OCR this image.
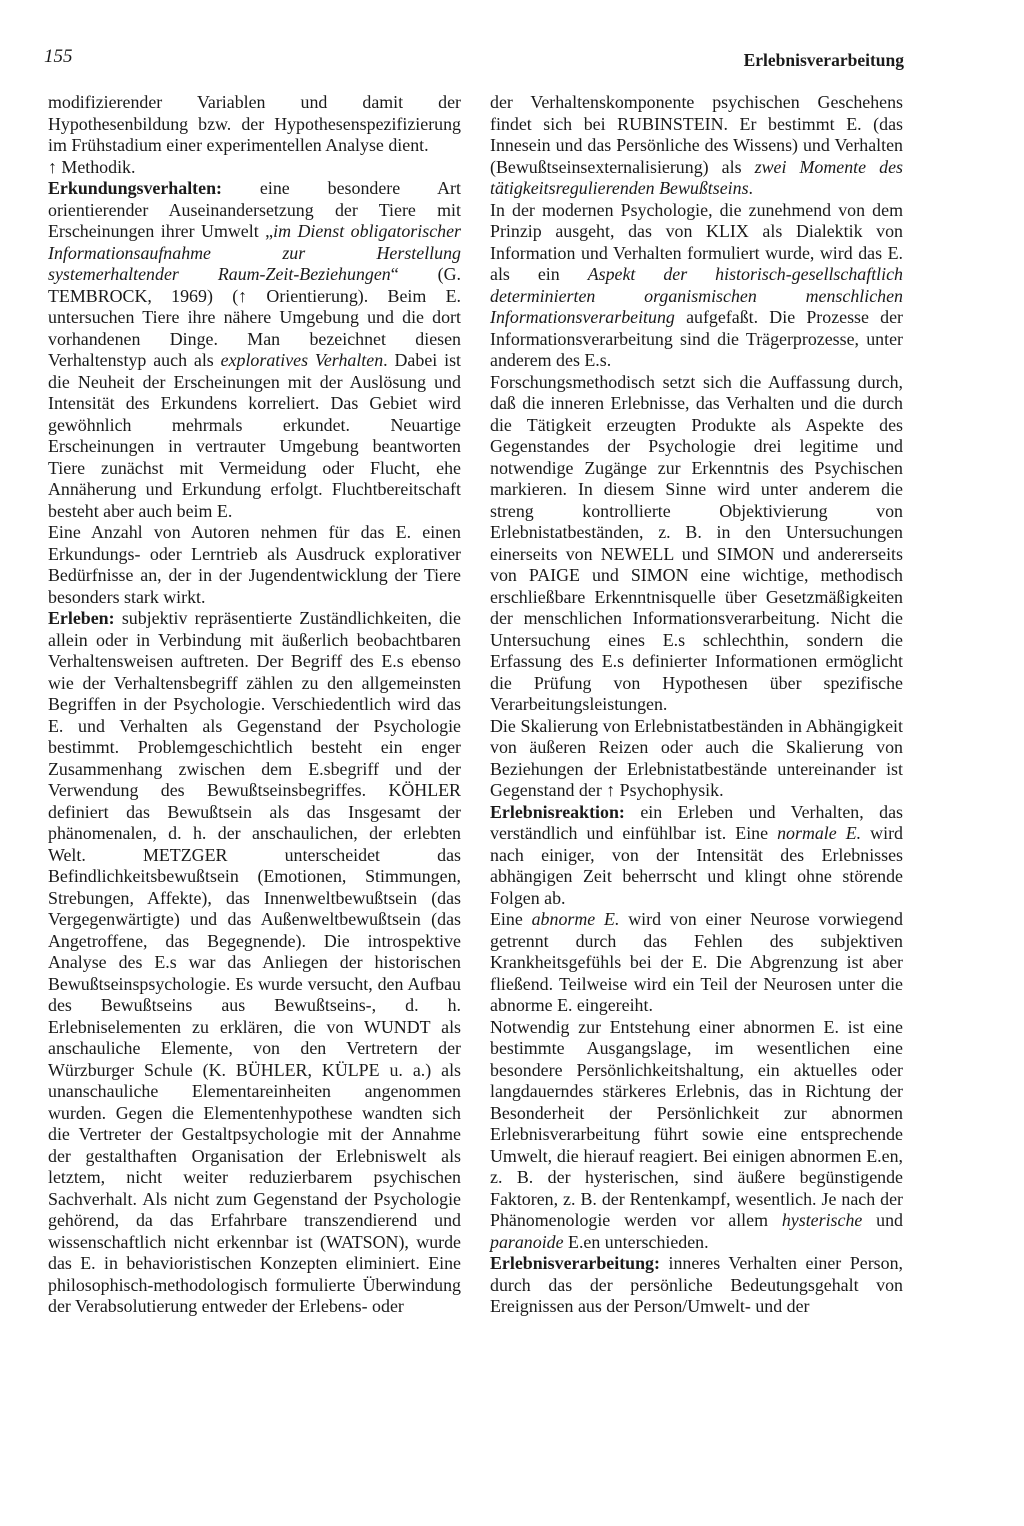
155	Erlebnisverarbeitung

modifizierender Variablen und damit der Hypothesenbildung bzw. der Hypothesenspezifizierung im Frühstadium einer experimentellen Analyse dient.

↑ Methodik.

Erkundungsverhalten: eine besondere Art orientierender Auseinandersetzung der Tiere mit Erscheinungen ihrer Umwelt „im Dienst obligatorischer Informationsaufnahme zur Herstellung systemerhaltender Raum-Zeit-Beziehungen“ (G. TEMBROCK, 1969) (↑ Orientierung). Beim E. untersuchen Tiere ihre nähere Umgebung und die dort vorhandenen Dinge. Man bezeichnet diesen Verhaltenstyp auch als exploratives Verhalten. Dabei ist die Neuheit der Erscheinungen mit der Auslösung und Intensität des Erkundens korreliert. Das Gebiet wird gewöhnlich mehrmals erkundet. Neuartige Erscheinungen in vertrauter Umgebung beantworten Tiere zunächst mit Vermeidung oder Flucht, ehe Annäherung und Erkundung erfolgt. Fluchtbereitschaft besteht aber auch beim E.

Eine Anzahl von Autoren nehmen für das E. einen Erkundungs- oder Lerntrieb als Ausdruck explorativer Bedürfnisse an, der in der Jugendentwicklung der Tiere besonders stark wirkt.

Erleben: subjektiv repräsentierte Zuständlichkeiten, die allein oder in Verbindung mit äußerlich beobachtbaren Verhaltensweisen auftreten. Der Begriff des E.s ebenso wie der Verhaltensbegriff zählen zu den allgemeinsten Begriffen in der Psychologie. Verschiedentlich wird das E. und Verhalten als Gegenstand der Psychologie bestimmt. Problemgeschichtlich besteht ein enger Zusammenhang zwischen dem E.sbegriff und der Verwendung des Bewußtseinsbegriffes. KÖHLER definiert das Bewußtsein als das Insgesamt der phänomenalen, d. h. der anschaulichen, der erlebten Welt. METZGER unterscheidet das Befindlichkeitsbewußtsein (Emotionen, Stimmungen, Strebungen, Affekte), das Innenweltbewußtsein (das Vergegenwärtigte) und das Außenweltbewußtsein (das Angetroffene, das Begegnende). Die introspektive Analyse des E.s war das Anliegen der historischen Bewußtseinspsychologie. Es wurde versucht, den Aufbau des Bewußtseins aus Bewußtseins-, d. h. Erlebniselementen zu erklären, die von WUNDT als anschauliche Elemente, von den Vertretern der Würzburger Schule (K. BÜHLER, KÜLPE u. a.) als unanschauliche Elementareinheiten angenommen wurden. Gegen die Elementenhypothese wandten sich die Vertreter der Gestaltpsychologie mit der Annahme der gestalthaften Organisation der Erlebniswelt als letztem, nicht weiter reduzierbarem psychischen Sachverhalt. Als nicht zum Gegenstand der Psychologie gehörend, da das Erfahrbare transzendierend und wissenschaftlich nicht erkennbar ist (WATSON), wurde das E. in behavioristischen Konzepten eliminiert. Eine philosophisch-methodologisch formulierte Überwindung der Verabsolutierung entweder der Erlebens- oder

der Verhaltenskomponente psychischen Geschehens findet sich bei RUBINSTEIN. Er bestimmt E. (das Innesein und das Persönliche des Wissens) und Verhalten (Bewußtseinsexternalisierung) als zwei Momente des tätigkeitsregulierenden Bewußtseins.

In der modernen Psychologie, die zunehmend von dem Prinzip ausgeht, das von KLIX als Dialektik von Information und Verhalten formuliert wurde, wird das E. als ein Aspekt der historisch-gesellschaftlich determinierten organismischen menschlichen Informationsverarbeitung aufgefaßt. Die Prozesse der Informationsverarbeitung sind die Trägerprozesse, unter anderem des E.s.

Forschungsmethodisch setzt sich die Auffassung durch, daß die inneren Erlebnisse, das Verhalten und die durch die Tätigkeit erzeugten Produkte als Aspekte des Gegenstandes der Psychologie drei legitime und notwendige Zugänge zur Erkenntnis des Psychischen markieren. In diesem Sinne wird unter anderem die streng kontrollierte Objektivierung von Erlebnistatbeständen, z. B. in den Untersuchungen einerseits von NEWELL und SIMON und andererseits von PAIGE und SIMON eine wichtige, methodisch erschließbare Erkenntnisquelle über Gesetzmäßigkeiten der menschlichen Informationsverarbeitung. Nicht die Untersuchung eines E.s schlechthin, sondern die Erfassung des E.s definierter Informationen ermöglicht die Prüfung von Hypothesen über spezifische Verarbeitungsleistungen.

Die Skalierung von Erlebnistatbeständen in Abhängigkeit von äußeren Reizen oder auch die Skalierung von Beziehungen der Erlebnistatbestände untereinander ist Gegenstand der ↑ Psychophysik.

Erlebnisreaktion: ein Erleben und Verhalten, das verständlich und einfühlbar ist. Eine normale E. wird nach einiger, von der Intensität des Erlebnisses abhängigen Zeit beherrscht und klingt ohne störende Folgen ab.

Eine abnorme E. wird von einer Neurose vorwiegend getrennt durch das Fehlen des subjektiven Krankheitsgefühls bei der E. Die Abgrenzung ist aber fließend. Teilweise wird ein Teil der Neurosen unter die abnorme E. eingereiht.

Notwendig zur Entstehung einer abnormen E. ist eine bestimmte Ausgangslage, im wesentlichen eine besondere Persönlichkeitshaltung, ein aktuelles oder langdauerndes stärkeres Erlebnis, das in Richtung der Besonderheit der Persönlichkeit zur abnormen Erlebnisverarbeitung führt sowie eine entsprechende Umwelt, die hierauf reagiert. Bei einigen abnormen E.en, z. B. der hysterischen, sind äußere begünstigende Faktoren, z. B. der Rentenkampf, wesentlich. Je nach der Phänomenologie werden vor allem hysterische und paranoide E.en unterschieden.

Erlebnisverarbeitung: inneres Verhalten einer Person, durch das der persönliche Bedeutungsgehalt von Ereignissen aus der Person/Umwelt- und der
